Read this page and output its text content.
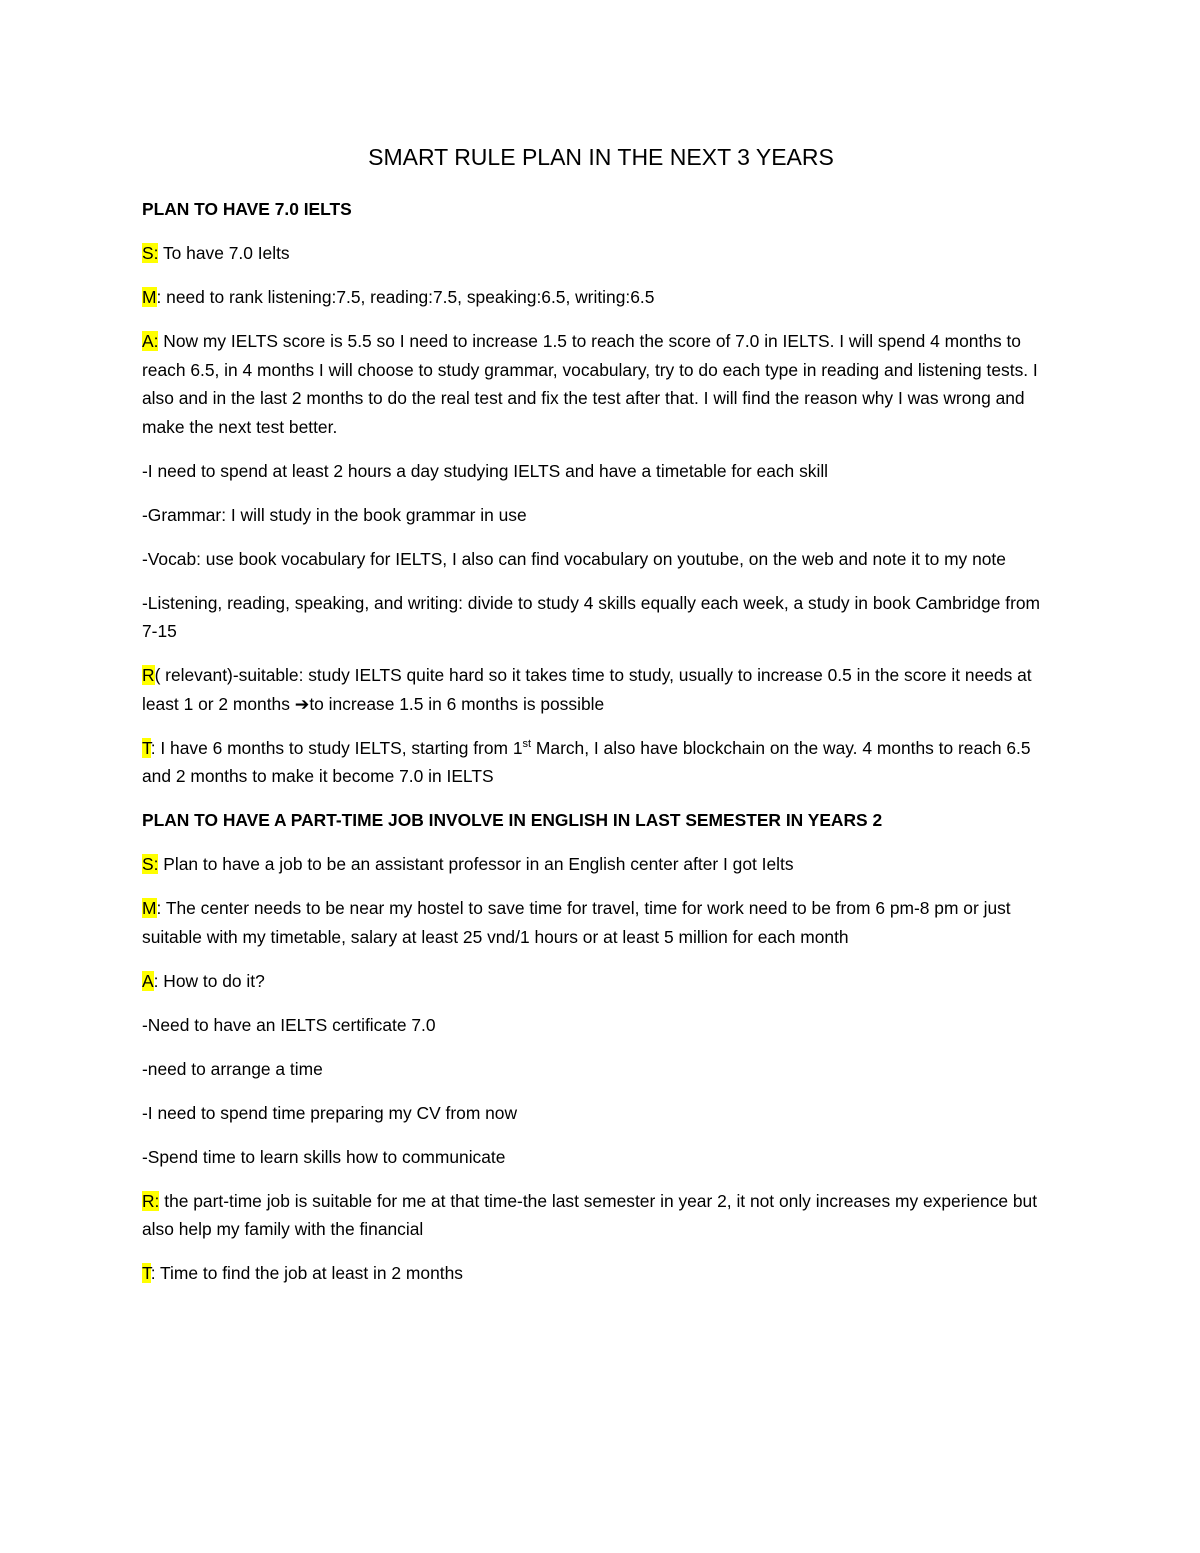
SMART RULE PLAN IN THE NEXT 3 YEARS

PLAN TO HAVE 7.0 IELTS

S: To have 7.0 Ielts

M: need to rank listening:7.5, reading:7.5, speaking:6.5, writing:6.5

A: Now my IELTS score is 5.5 so I need to increase 1.5 to reach the score of 7.0 in IELTS. I will spend 4 months to reach 6.5, in 4 months I will choose to study grammar, vocabulary, try to do each type in reading and listening tests. I also and in the last 2 months to do the real test and fix the test after that. I will find the reason why I was wrong and make the next test better.

-I need to spend at least 2 hours a day studying IELTS and have a timetable for each skill

-Grammar: I will study in the book grammar in use

-Vocab: use book vocabulary for IELTS, I also can find vocabulary on youtube, on the web and note it to my note

-Listening, reading, speaking, and writing: divide to study 4 skills equally each week, a study in book Cambridge from 7-15

R( relevant)-suitable: study IELTS quite hard so it takes time to study, usually to increase 0.5 in the score it needs at least 1 or 2 months ➔to increase 1.5 in 6 months is possible

T: I have 6 months to study IELTS, starting from 1st March, I also have blockchain on the way. 4 months to reach 6.5 and 2 months to make it become 7.0 in IELTS

PLAN TO HAVE A PART-TIME JOB INVOLVE IN ENGLISH IN LAST SEMESTER IN YEARS 2

S: Plan to have a job to be an assistant professor in an English center after I got Ielts

M: The center needs to be near my hostel to save time for travel, time for work need to be from 6 pm-8 pm or just suitable with my timetable, salary at least 25 vnd/1 hours or at least 5 million for each month

A: How to do it?

-Need to have an IELTS certificate 7.0

-need to arrange a time

-I need to spend time preparing my CV from now

-Spend time to learn skills how to communicate

R: the part-time job is suitable for me at that time-the last semester in year 2, it not only increases my experience but also help my family with the financial

T: Time to find the job at least in 2 months
